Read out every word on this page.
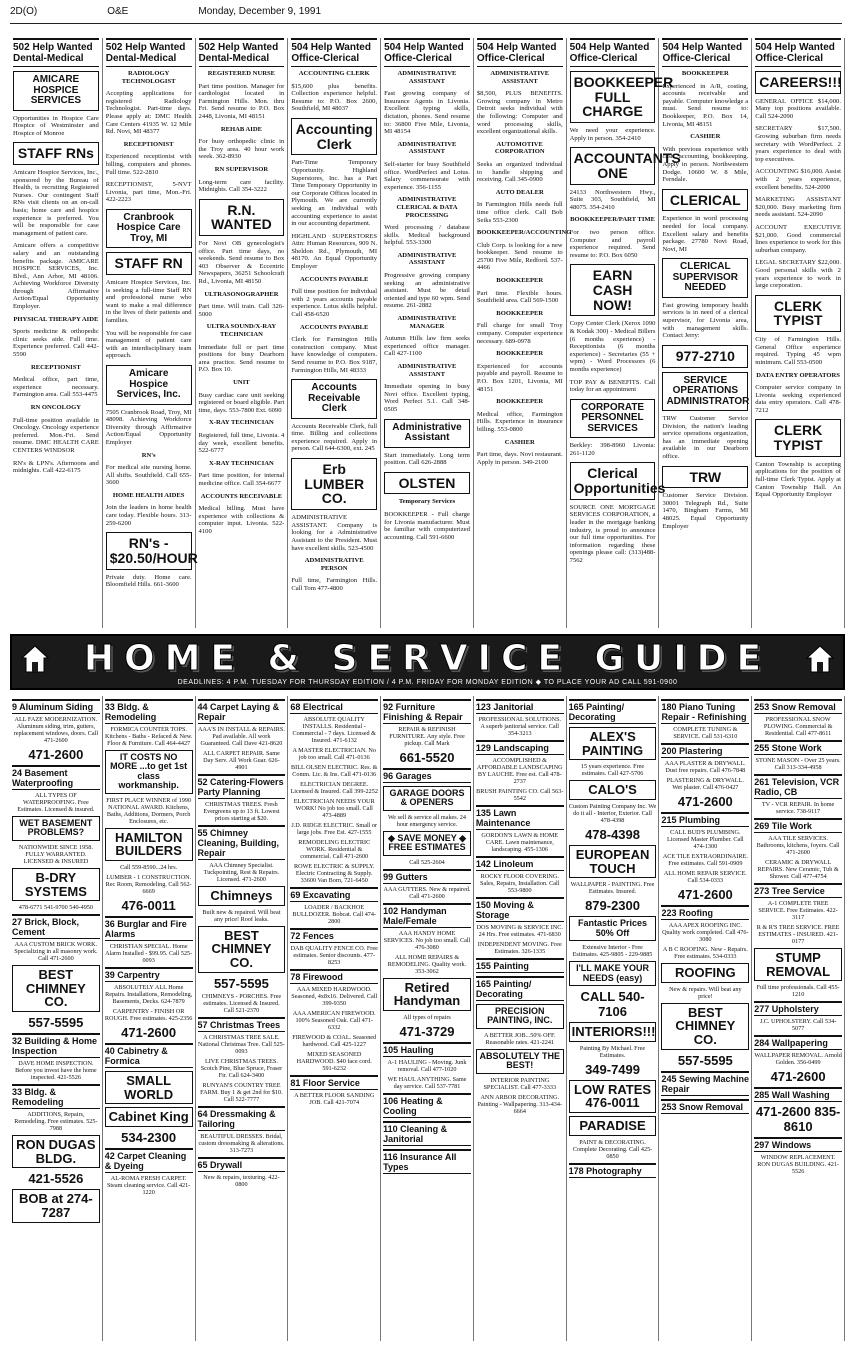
2D(O)	O&E	Monday, December 9, 1991
502 Help Wanted Dental-Medical
AMICARE HOSPICE SERVICES
Opportunities in Hospice Care Hospice of Westminster and Hospice of Monroe
STAFF RNs
Amicare Hospice Services, Inc., sponsored by the Bureau of Health, is recruiting Registered Nurses. Our contingent Staff RNs visit clients on an on-call basis; home care and hospice experience is preferred. You will be responsible for case management of patient care.
Amicare offers a competitive salary and an outstanding benefits package. AMICARE HOSPICE SERVICES, Inc. Blvd., Ann Arbor, MI 48106. Achieving Workforce Diversity through Affirmative Action/Equal Opportunity Employer.
PHYSICAL THERAPY AIDE
Sports medicine & orthopedic clinic seeks aide. Full time. Experience preferred. Call 442-5590
RECEPTIONIST
Medical office, part time, experience necessary. Farmington area. Call 553-4475
RN ONCOLOGY
Full-time position available in Oncology. Oncology experience preferred. Mon.-Fri. Send resume. DMC HEALTH CARE CENTERS WINDSOR
RN's & LPN's. Afternoons and midnights. Call 422-6175
502 Help Wanted Dental-Medical
RADIOLOGY TECHNOLOGIST
Accepting applications for registered Radiology Technologist. Part-time days. Please apply at: DMC Health Care Centers 41935 W. 12 Mile Rd. Novi, MI 48377
RECEPTIONIST
Experienced receptionist with billing, computers and phones. Full time. 522-2810
RECEPTIONIST, 5-NVT Livonia, part time, Mon.-Fri. 422-2223
Cranbrook Hospice Care Troy, MI
STAFF RN
Amicare Hospice Services, Inc. is seeking a full-time Staff RN and professional nurse who want to make a real difference in the lives of their patients and families.
You will be responsible for case management of patient care with an interdisciplinary team approach.
Amicare Hospice Services, Inc.
7505 Cranbrook Road, Troy, MI 48098. Achieving Workforce Diversity through Affirmative Action/Equal Opportunity Employer
RN's
For medical site nursing home. All shifts. Southfield. Call 655-3600
HOME HEALTH AIDES
Join the leaders in home health care today. Flexible hours. 313-259-6200
RN's - $20.50/HOUR
Private duty. Home care. Bloomfield Hills. 661-3600
502 Help Wanted Dental-Medical
REGISTERED NURSE
Part time position. Manager for cardiologist located in Farmington Hills. Mon. thru Fri. Send resume to P.O. Box 2448, Livonia, MI 48151
REHAB AIDE
For busy orthopedic clinic in the Troy area. 40 hour work week. 362-8930
RN SUPERVISOR
Long-term care facility. Midnights. Call 354-3222
R.N. WANTED
For Novi OB gynecologist's office. Part time days, no weekends. Send resume to Box 403 Observer & Eccentric Newspapers, 36251 Schoolcraft Rd., Livonia, MI 48150
ULTRASONOGRAPHER
Part time. Will train. Call 326-5000
ULTRA SOUND/X-RAY TECHNICIAN
Immediate full or part time positions for busy Dearborn area practice. Send resume to P.O. Box 10.
UNIT
Busy cardiac care unit seeking registered or board eligible. Part time, days. 553-7800 Ext. 6090
X-RAY TECHNICIAN
Registered, full time, Livonia. 4 day week, excellent benefits. 522-6777
X-RAY TECHNICIAN
Part time position, for internal medicine office. Call 354-6677
ACCOUNTS RECEIVABLE
Medical billing. Must have experience with collections & computer input. Livonia. 522-4100
504 Help Wanted Office-Clerical
ACCOUNTING CLERK
$15,600 plus benefits. Collection experience helpful. Resume to: P.O. Box 2600, Southfield, MI 48037
Accounting Clerk
Part-Time Temporary Opportunity. Highland Superstores, Inc. has a Part Time Temporary Opportunity in our Corporate Offices located in Plymouth. We are currently seeking an individual with accounting experience to assist in our accounting department.
HIGHLAND SUPERSTORES Attn: Human Resources, 909 N. Sheldon Rd., Plymouth, MI 48170. An Equal Opportunity Employer
ACCOUNTS PAYABLE
Full time position for individual with 2 years accounts payable experience. Lotus skills helpful. Call 458-6520
ACCOUNTS PAYABLE
Clerk for Farmington Hills construction company. Must have knowledge of computers. Send resume to P.O. Box 9187, Farmington Hills, MI 48333
Accounts Receivable Clerk
Accounts Receivable Clerk, full time. Billing and collections experience required. Apply in person. Call 644-6300, ext. 245
Erb LUMBER CO.
ADMINISTRATIVE ASSISTANT. Company is looking for a Administrative Assistant to the President. Must have excellent skills. 523-4500
ADMINISTRATIVE PERSON
Full time, Farmington Hills. Call Tom 477-4800
504 Help Wanted Office-Clerical
ADMINISTRATIVE ASSISTANT
Fast growing company of Insurance Agents in Livonia. Excellent typing skills, dictation, phones. Send resume to: 36800 Five Mile, Livonia, MI 48154
ADMINISTRATIVE ASSISTANT
Self-starter for busy Southfield office. WordPerfect and Lotus. Salary commensurate with experience. 356-1155
ADMINISTRATIVE CLERICAL & DATA PROCESSING
Word processing / database skills. Medical background helpful. 553-3300
ADMINISTRATIVE ASSISTANT
Progressive growing company seeking an administrative assistant. Must be detail oriented and type 60 wpm. Send resume. 261-2882
ADMINISTRATIVE MANAGER
Autumn Hills law firm seeks experienced office manager. Call 427-1100
ADMINISTRATIVE ASSISTANT
Immediate opening in busy Novi office. Excellent typing, Word Perfect 5.1. Call 348-0505
Administrative Assistant
Start immediately. Long term position. Call 626-2888
OLSTEN
Temporary Services
BOOKKEEPER - Full charge for Livonia manufacturer. Must be familiar with computerized accounting. Call 591-6600
504 Help Wanted Office-Clerical
ADMINISTRATIVE ASSISTANT
$8,500, PLUS BENEFITS. Growing company in Metro Detroit seeks individual with the following: Computer and word processing skills, excellent organizational skills.
AUTOMOTIVE CORPORATION
Seeks an organized individual to handle shipping and receiving. Call 345-0900
AUTO DEALER
In Farmington Hills needs full time office clerk. Call Bob Seiks 553-2300
BOOKKEEPER/ACCOUNTING
Club Corp. is looking for a new bookkeeper. Send resume to 25700 Five Mile, Redford. 537-4466
BOOKKEEPER
Part time. Flexible hours. Southfield area. Call 569-1500
BOOKKEEPER
Full charge for small Troy company. Computer experience necessary. 689-0978
BOOKKEEPER
Experienced for accounts payable and payroll. Resume to P.O. Box 1201, Livonia, MI 48151
BOOKKEEPER
Medical office, Farmington Hills. Experience in insurance billing. 553-0800
CASHIER
Part time, days. Novi restaurant. Apply in person. 349-2100
504 Help Wanted Office-Clerical
BOOKKEEPER FULL CHARGE
We need your experience. Apply in person. 354-2410
ACCOUNTANTS ONE
24133 Northwestern Hwy., Suite 303, Southfield, MI 48075. 354-2410
BOOKKEEPER/PART TIME
For two person office. Computer and payroll experience required. Send resume to: P.O. Box 6050
EARN CASH NOW!
Copy Center Clerk (Xerox 1090 & Kodak 300) - Medical Billers (6 months experience) - Receptionists (6 months experience) - Secretaries (55 + wpm) - Word Processors (6 months experience)
TOP PAY & BENEFITS. Call today for an appointment
CORPORATE PERSONNEL SERVICES
Berkley: 398-8960 Livonia: 261-1120
Clerical Opportunities
SOURCE ONE MORTGAGE SERVICES CORPORATION, a leader in the mortgage banking industry, is proud to announce our full time opportunities. For information regarding these openings please call: (313)488-7562
504 Help Wanted Office-Clerical
BOOKKEEPER
Experienced in A/R, costing, accounts receivable and payable. Computer knowledge a must. Send resume to: Bookkeeper, P.O. Box 14, Livonia, MI 48151
CASHIER
With previous experience with cash, accounting, bookkeeping. Apply in person. Northwestern Dodge. 10600 W. 8 Mile, Ferndale.
CLERICAL
Experience in word processing needed for local company. Excellent salary and benefits package. 27780 Novi Road, Novi, MI
CLERICAL SUPERVISOR NEEDED
Fast growing temporary health services is in need of a clerical supervisor, for Livonia area, with management skills. Contact Jerry:
977-2710
SERVICE OPERATIONS ADMINISTRATOR
TRW Customer Service Division, the nation's leading service operations organization, has an immediate opening available in our Dearborn office.
TRW
Customer Service Division. 30001 Telegraph Rd., Suite 1470, Bingham Farms, MI 48025. Equal Opportunity Employer
504 Help Wanted Office-Clerical
CAREERS!!!
GENERAL OFFICE $14,000. Many top positions available. Call 524-2090
SECRETARY $17,500. Growing suburban firm needs secretary with WordPerfect. 2 years experience to deal with top executives.
ACCOUNTING $16,000. Assist with 2 years experience, excellent benefits. 524-2090
MARKETING ASSISTANT $20,000. Busy marketing firm needs assistant. 524-2090
ACCOUNT EXECUTIVE $21,000. Good commercial lines experience to work for this suburban company.
LEGAL SECRETARY $22,000. Good personal skills with 2 years experience to work in large corporation.
CLERK TYPIST
City of Farmington Hills. General Office experience required. Typing 45 wpm minimum. Call 553-0500
DATA ENTRY OPERATORS
Computer service company in Livonia seeking experienced data entry operators. Call 478-7212
CLERK TYPIST
Canton Township is accepting applications for the position of full-time Clerk Typist. Apply at Canton Township Hall. An Equal Opportunity Employer
HOME & SERVICE GUIDE
DEADLINES: 4 P.M. TUESDAY FOR THURSDAY EDITION / 4 P.M. FRIDAY FOR MONDAY EDITION ◆ TO PLACE YOUR AD CALL 591-0900
9 Aluminum Siding
ALL FAZE MODERNIZATION. Aluminum siding, trim, gutters, replacement windows, doors. Call 471-2600
471-2600
24 Basement Waterproofing
ALL TYPES OF WATERPROOFING. Free Estimates. Licensed & insured.
WET BASEMENT PROBLEMS?
NATIONWIDE SINCE 1958. FULLY WARRANTED. LICENSED & INSURED
B-DRY SYSTEMS
478-6771 541-9700 540-4950
27 Brick, Block, Cement
AAA CUSTOM BRICK WORK. Specializing in all masonry work. Call 471-2600
BEST CHIMNEY CO.
557-5595
32 Building & Home Inspection
DAVE HOME INSPECTION. Before you invest have the home inspected. 421-5526
33 Bldg. & Remodeling
ADDITIONS, Repairs, Remodeling. Free estimates. 525-7988
RON DUGAS BLDG.
421-5526
BOB at 274-7287
33 Bldg. & Remodeling
FORMICA COUNTER TOPS. Kitchens - Baths - Refaced & New. Floor & Furniture. Call 464-4427
IT COSTS NO MORE ...to get 1st class workmanship.
FIRST PLACE WINNER of 1990 NATIONAL AWARD. Kitchens, Baths, Additions, Dormers, Porch Enclosures, etc.
HAMILTON BUILDERS
Call 559-8590...24 hrs.
LUMBER - 1 CONSTRUCTION. Rec Room, Remodeling. Call 562-6669
476-0011
36 Burglar and Fire Alarms
CHRISTIAN SPECIAL. Home Alarm Installed - $99.95. Call 525-0093
39 Carpentry
ABSOLUTELY ALL Home Repairs. Installations, Remodeling, Basements, Decks. 624-7879
CARPENTRY - FINISH OR ROUGH. Free estimates. 425-2356
471-2600
40 Cabinetry & Formica
SMALL WORLD
Cabinet King
534-2300
42 Carpet Cleaning & Dyeing
AL-ROMA FRESH CARPET. Steam cleaning service. Call 421-1220
44 Carpet Laying & Repair
AAA'S IN INSTALL & REPAIRS. Pad available. All work Guaranteed. Call Dave 421-8620
ALL CARPET REPAIR. Same Day Serv. All Work Guar. 626-4901
52 Catering-Flowers Party Planning
CHRISTMAS TREES. Fresh Evergreens up to 13 ft. Lowest prices starting at $20.
55 Chimney Cleaning, Building, Repair
AAA Chimney Specialist. Tuckpointing, Rest & Repairs. Licensed. 471-2600
Chimneys
Built new & repaired. Will beat any price! Roof leaks.
BEST CHIMNEY CO.
557-5595
CHIMNEYS - PORCHES. Free estimates. Licensed & Insured. Call 521-2370
57 Christmas Trees
A CHRISTMAS TREE SALE. National Christmas Tree. Call 525-0093
LIVE CHRISTMAS TREES. Scotch Pine, Blue Spruce, Fraser Fir. Call 624-3400
RUNYAN'S COUNTRY TREE FARM. Buy 1 & get 2nd for $10. Call 522-7777
64 Dressmaking & Tailoring
BEAUTIFUL DRESSES. Bridal, custom dressmaking & alterations. 313-7273
65 Drywall
New & repairs, texturing. 422-0800
68 Electrical
ABSOLUTE QUALITY INSTALLS. Residential - Commercial - 7 days. Licensed & Insured. 471-6132
A MASTER ELECTRICIAN. No job too small. Call 471-0136
BILL OLSEN ELECTRIC. Res. & Comm. Lic. & Ins. Call 471-0136
ELECTRICIAN DEGREE. Licensed & Insured. Call 399-2252
ELECTRICIAN NEEDS YOUR WORK! No job too small. Call 473-4889
J.D. RIDGE ELECTRIC. Small or large jobs. Free Est. 427-1555
REMODELING ELECTRIC WORK. Residential & commercial. Call 471-2600
ROWE ELECTRIC & SUPPLY. Electric Contracting & Supply. 33600 Van Born, 721-6450
69 Excavating
LOADER / BACKHOE BULLDOZER. Bobcat. Call 474-2800
72 Fences
DAB QUALITY FENCE CO. Free estimates. Senior discounts. 477-8253
78 Firewood
AAA MIXED HARDWOOD. Seasoned, 4x8x16. Delivered. Call 399-9350
AAA AMERICAN FIREWOOD. 100% Seasoned Oak. Call 471-6332
FIREWOOD & COAL. Seasoned hardwood. Call 425-1227
MIXED SEASONED HARDWOOD. $40 face cord. 591-6232
81 Floor Service
A BETTER FLOOR SANDING JOB. Call 421-7074
92 Furniture Finishing & Repair
REPAIR & REFINISH FURNITURE. Any style. Free pickup. Call Mark
661-5520
96 Garages
GARAGE DOORS & OPENERS
We sell & service all makes. 24 hour emergency service.
◆ SAVE MONEY ◆ FREE ESTIMATES
Call 525-2604
99 Gutters
AAA GUTTERS. New & repaired. Call 471-2600
102 Handyman Male/Female
AAA HANDY HOME SERVICES. No job too small. Call 476-3080
ALL HOME REPAIRS & REMODELING. Quality work. 353-3062
Retired Handyman
All types of repairs
471-3729
105 Hauling
A-1 HAULING - Moving. Junk removal. Call 477-1020
WE HAUL ANYTHING. Same day service. Call 537-7781
106 Heating & Cooling
110 Cleaning & Janitorial
116 Insurance All Types
123 Janitorial
PROFESSIONAL SOLUTIONS. A superb janitorial service. Call 354-3213
129 Landscaping
ACCOMPLISHED & AFFORDABLE LANDSCAPING BY LAUCHE. Free est. Call 478-2737
BRUSH PAINTING CO. Call 563-5542
135 Lawn Maintenance
GORDON'S LAWN & HOME CARE. Lawn maintenance, landscaping. 455-1306
142 Linoleum
ROCKY FLOOR COVERING. Sales, Repairs, Installation. Call 553-9800
150 Moving & Storage
DOS MOVING & SERVICE INC. 24 Hrs. Free estimates. 471-6830
INDEPENDENT MOVING. Free Estimates. 326-1335
155 Painting
165 Painting/ Decorating
PRECISION PAINTING, INC.
A BETTER JOB...50% OFF. Reasonable rates. 421-2241
ABSOLUTELY THE BEST!
INTERIOR PAINTING SPECIALIST. Call 477-3333
ANN ARBOR DECORATING. Painting - Wallpapering. 313-434-6664
165 Painting/ Decorating
ALEX'S PAINTING
15 years experience. Free estimates. Call 427-5706
CALO'S
Custom Painting Company Inc. We do it all - Interior, Exterior. Call 478-4398
478-4398
EUROPEAN TOUCH
WALLPAPER - PAINTING. Free Estimates. Insured.
879-2300
Fantastic Prices 50% Off
Extensive Interior - Free Estimates. 425-9805 - 229-9885
I'LL MAKE YOUR NEEDS (easy)
CALL 540-7106
INTERIORS!!!
Painting By Michael. Free Estimates.
349-7499
LOW RATES 476-0011
PARADISE
PAINT & DECORATING. Complete Decorating. Call 425-0850
178 Photography
180 Piano Tuning Repair - Refinishing
COMPLETE TUNING & SERVICE. Call 531-6310
200 Plastering
AAA PLASTER & DRYWALL. Dust free repairs. Call 476-7848
PLASTERING & DRYWALL. Wet plaster. Call 476-0427
471-2600
215 Plumbing
CALL BUD'S PLUMBING. Licensed Master Plumber. Call 474-1300
ACE TILE EXTRAORDINAIRE. Free estimates. Call 591-0909
ALL HOME REPAIR SERVICE. Call 534-0333
471-2600
223 Roofing
AAA APEX ROOFING INC. Quality work completed. Call 476-3080
A B C ROOFING. New - Repairs. Free estimates. 534-0333
ROOFING
New & repairs. Will beat any price!
BEST CHIMNEY CO.
557-5595
245 Sewing Machine Repair
253 Snow Removal
253 Snow Removal
PROFESSIONAL SNOW PLOWING. Commercial & Residential. Call 477-8611
255 Stone Work
STONE MASON - Over 25 years. Call 313-334-4958
261 Television, VCR Radio, CB
TV - VCR REPAIR. In home service. 738-9117
269 Tile Work
AAA TILE SERVICES. Bathrooms, kitchens, foyers. Call 471-2600
CERAMIC & DRYWALL REPAIRS. New Ceramic, Tub & Shower. Call 477-4754
273 Tree Service
A-1 COMPLETE TREE SERVICE. Free Estimates. 422-3117
R & R'S TREE SERVICE. FREE ESTIMATES - INSURED. 421-0177
STUMP REMOVAL
Full time professionals. Call 455-1210
277 Upholstery
J.C. UPHOLSTERY. Call 534-5077
284 Wallpapering
WALLPAPER REMOVAL. Arnold Golden. 356-0499
471-2600
285 Wall Washing
471-2600 835-8610
297 Windows
WINDOW REPLACEMENT. RON DUGAS BUILDING. 421-5526
